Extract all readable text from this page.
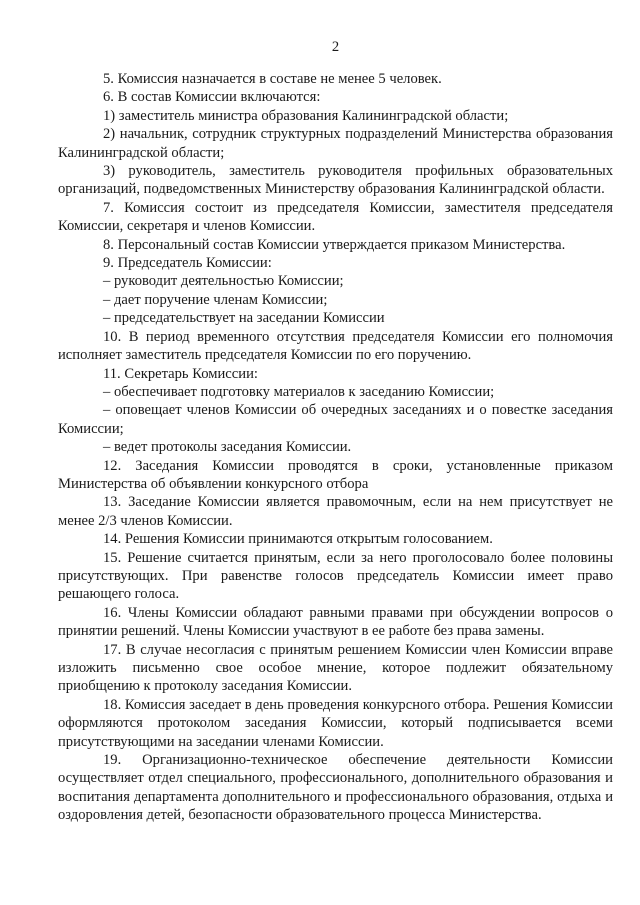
2

5. Комиссия назначается в составе не менее 5 человек.

6. В состав Комиссии включаются:

1) заместитель министра образования Калининградской области;

2) начальник, сотрудник структурных подразделений Министерства образования Калининградской области;

3) руководитель, заместитель руководителя профильных образовательных организаций, подведомственных Министерству образования Калининградской области.

7. Комиссия состоит из председателя Комиссии, заместителя председателя Комиссии, секретаря и членов Комиссии.

8. Персональный состав Комиссии утверждается приказом Министерства.

9. Председатель Комиссии:

– руководит деятельностью Комиссии;

– дает поручение членам Комиссии;

– председательствует на заседании Комиссии

10. В период временного отсутствия председателя Комиссии его полномочия исполняет заместитель председателя Комиссии по его поручению.

11. Секретарь Комиссии:

– обеспечивает подготовку материалов к заседанию Комиссии;

– оповещает членов Комиссии об очередных заседаниях и о повестке заседания Комиссии;

– ведет протоколы заседания Комиссии.

12. Заседания Комиссии проводятся в сроки, установленные приказом Министерства об объявлении конкурсного отбора

13. Заседание Комиссии является правомочным, если на нем присутствует не менее 2/3 членов Комиссии.

14. Решения Комиссии принимаются открытым голосованием.

15. Решение считается принятым, если за него проголосовало более половины присутствующих. При равенстве голосов председатель Комиссии имеет право решающего голоса.

16. Члены Комиссии обладают равными правами при обсуждении вопросов о принятии решений. Члены Комиссии участвуют в ее работе без права замены.

17. В случае несогласия с принятым решением Комиссии член Комиссии вправе изложить письменно свое особое мнение, которое подлежит обязательному приобщению к протоколу заседания Комиссии.

18. Комиссия заседает в день проведения конкурсного отбора. Решения Комиссии оформляются протоколом заседания Комиссии, который подписывается всеми присутствующими на заседании членами Комиссии.

19. Организационно-техническое обеспечение деятельности Комиссии осуществляет отдел специального, профессионального, дополнительного образования и воспитания департамента дополнительного и профессионального образования, отдыха и оздоровления детей, безопасности образовательного процесса Министерства.
